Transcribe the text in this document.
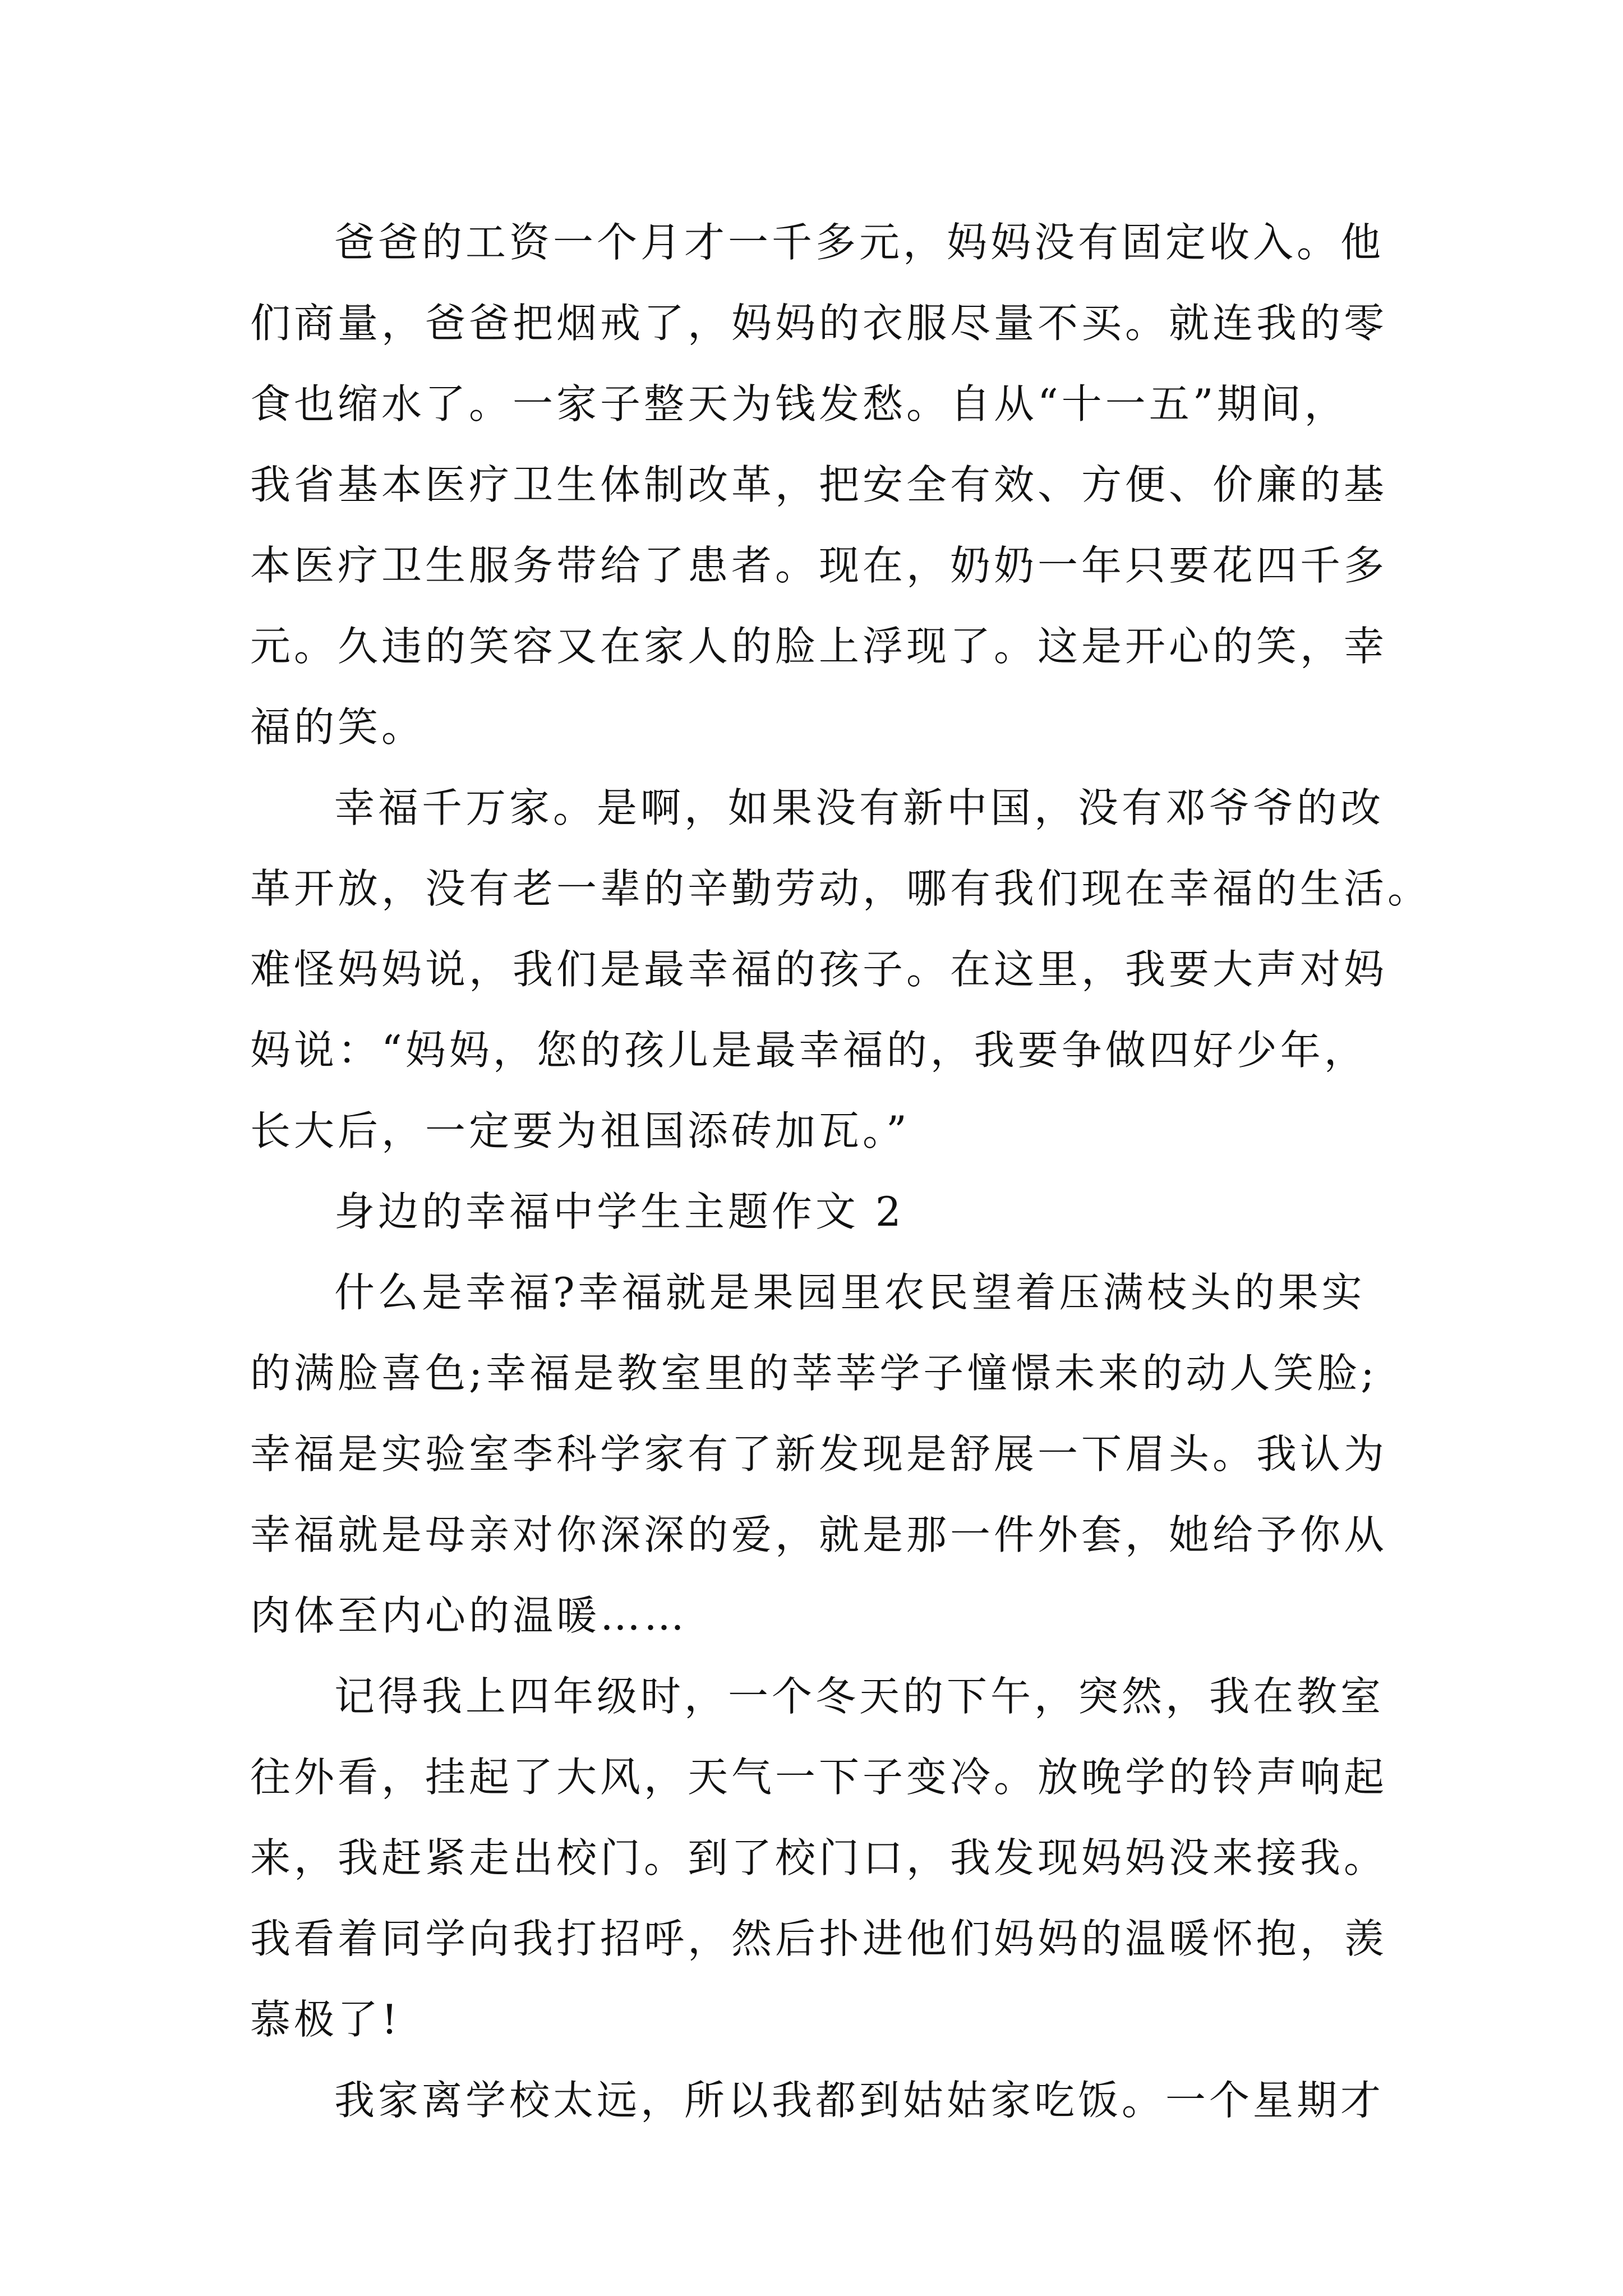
爸爸的工资一个月才一千多元，妈妈没有固定收入。他
们商量，爸爸把烟戒了，妈妈的衣服尽量不买。就连我的零
食也缩水了。一家子整天为钱发愁。自从“十一五”期间，
我省基本医疗卫生体制改革，把安全有效、方便、价廉的基
本医疗卫生服务带给了患者。现在，奶奶一年只要花四千多
元。久违的笑容又在家人的脸上浮现了。这是开心的笑，幸
福的笑。
幸福千万家。是啊，如果没有新中国，没有邓爷爷的改
革开放，没有老一辈的辛勤劳动，哪有我们现在幸福的生活。
难怪妈妈说，我们是最幸福的孩子。在这里，我要大声对妈
妈说：“妈妈，您的孩儿是最幸福的，我要争做四好少年，
长大后，一定要为祖国添砖加瓦。”
身边的幸福中学生主题作文 2
什么是幸福?幸福就是果园里农民望着压满枝头的果实
的满脸喜色;幸福是教室里的莘莘学子憧憬未来的动人笑脸;
幸福是实验室李科学家有了新发现是舒展一下眉头。我认为
幸福就是母亲对你深深的爱，就是那一件外套，她给予你从
肉体至内心的温暖……
记得我上四年级时，一个冬天的下午，突然，我在教室
往外看，挂起了大风，天气一下子变冷。放晚学的铃声响起
来，我赶紧走出校门。到了校门口，我发现妈妈没来接我。
我看着同学向我打招呼，然后扑进他们妈妈的温暖怀抱，羡
慕极了!
我家离学校太远，所以我都到姑姑家吃饭。一个星期才
